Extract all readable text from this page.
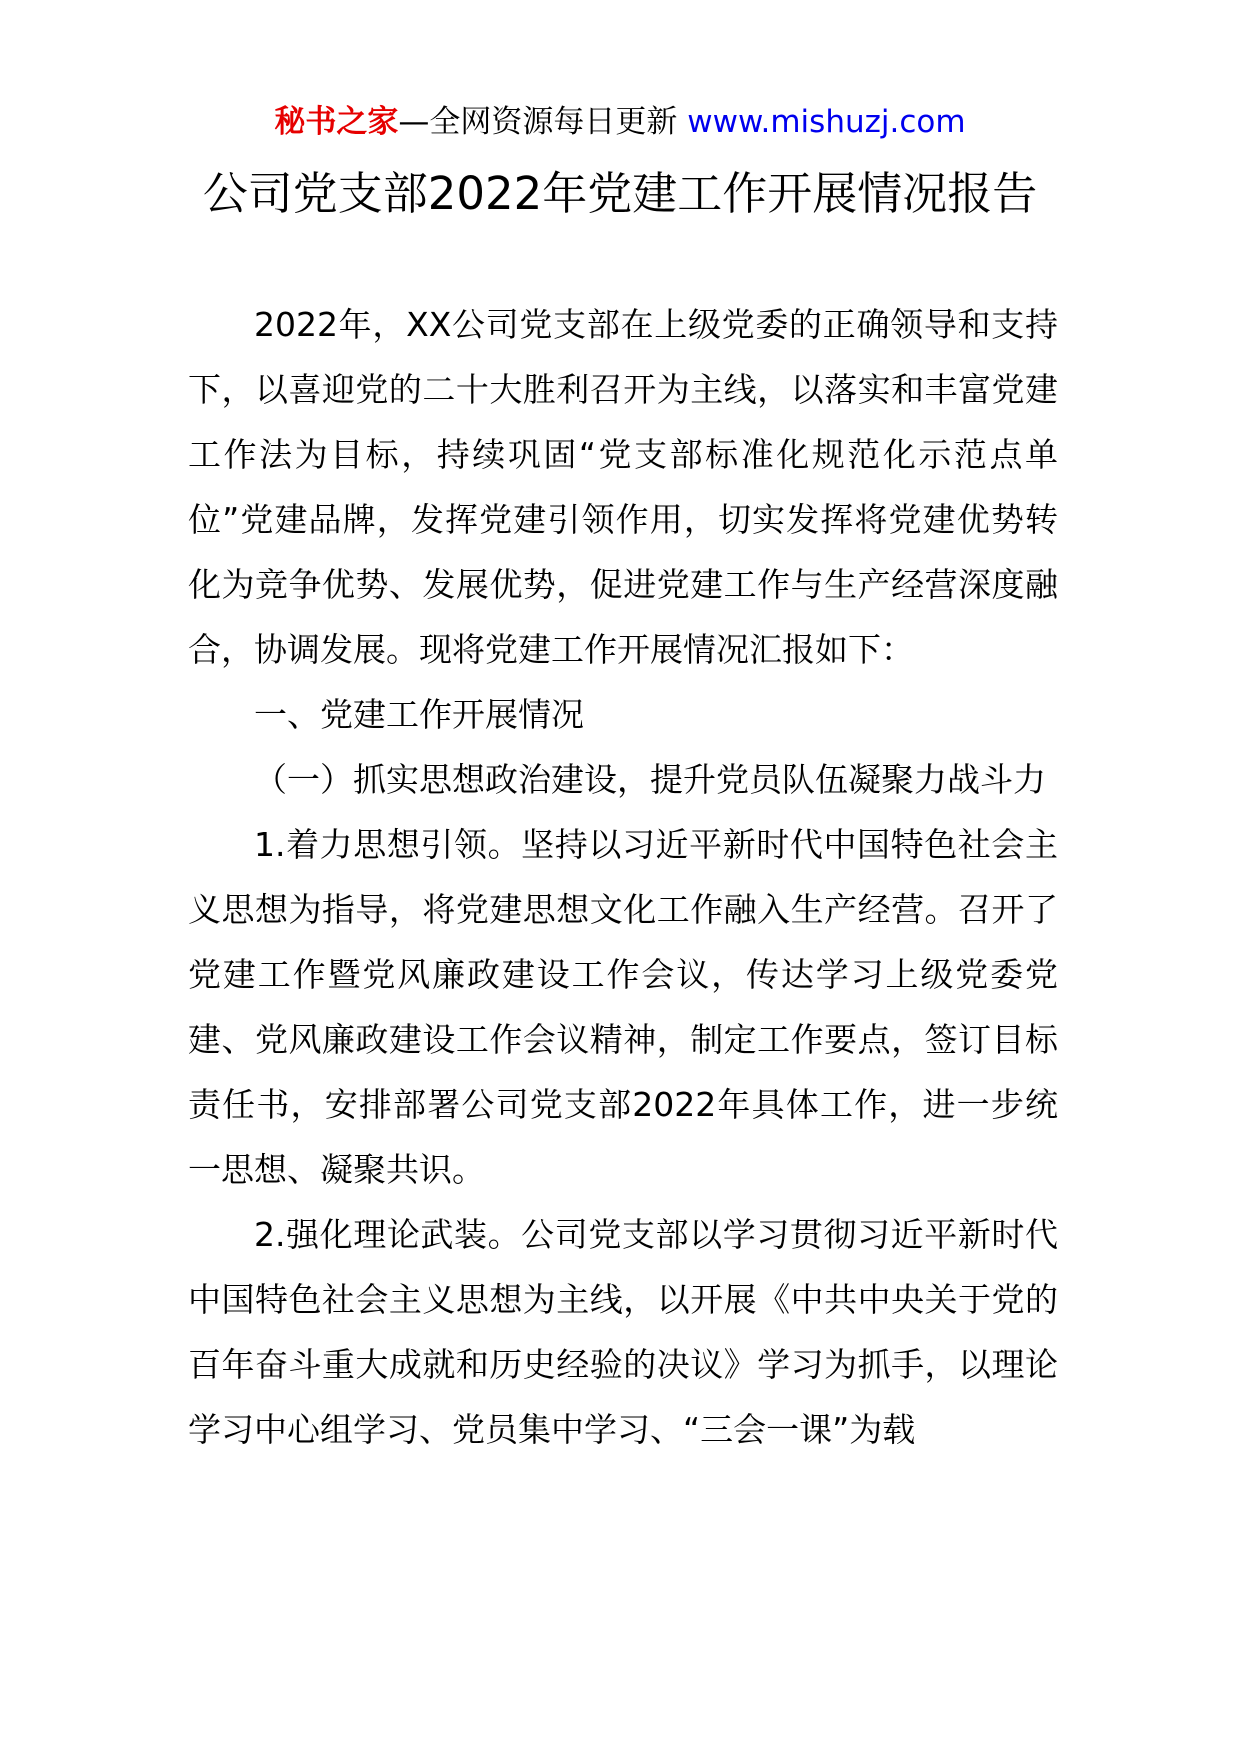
秘书之家—全网资源每日更新 www.mishuzj.com
公司党支部2022年党建工作开展情况报告

2022年，XX公司党支部在上级党委的正确领导和支持下，以喜迎党的二十大胜利召开为主线，以落实和丰富党建工作法为目标，持续巩固“党支部标准化规范化示范点单位”党建品牌，发挥党建引领作用，切实发挥将党建优势转化为竞争优势、发展优势，促进党建工作与生产经营深度融合，协调发展。现将党建工作开展情况汇报如下：

一、党建工作开展情况

（一）抓实思想政治建设，提升党员队伍凝聚力战斗力

1.着力思想引领。坚持以习近平新时代中国特色社会主义思想为指导，将党建思想文化工作融入生产经营。召开了党建工作暨党风廉政建设工作会议，传达学习上级党委党建、党风廉政建设工作会议精神，制定工作要点，签订目标责任书，安排部署公司党支部2022年具体工作，进一步统一思想、凝聚共识。

2.强化理论武装。公司党支部以学习贯彻习近平新时代中国特色社会主义思想为主线，以开展《中共中央关于党的百年奋斗重大成就和历史经验的决议》学习为抓手，以理论学习中心组学习、党员集中学习、“三会一课”为载
